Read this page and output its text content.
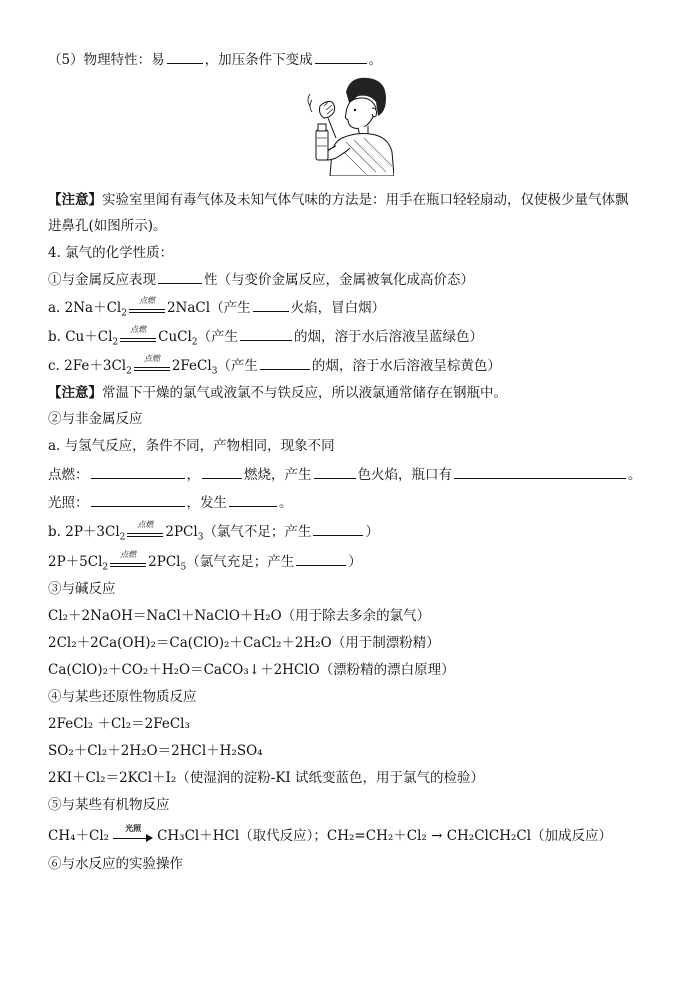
（5）物理特性：易	，加压条件下变成	。
【注意】实验室里闻有毒气体及未知气体气味的方法是：用手在瓶口轻轻扇动，仅使极少量气体飘
进鼻孔(如图所示)。
4. 氯气的化学性质：
①与金属反应表现	性（与变价金属反应，金属被氧化成高价态）
a. $2Na+Cl_2$
点燃 2NaCl（产生	火焰，冒白烟）
b. $Cu+Cl_2$
点燃 CuCl$_2$（产生	的烟，溶于水后溶液呈蓝绿色）
c. $2Fe+3Cl_2$
点燃 2FeCl$_3$（产生	的烟，溶于水后溶液呈棕黄色）
【注意】常温下干燥的氯气或液氯不与铁反应，所以液氯通常储存在钢瓶中。
②与非金属反应
a. 与氢气反应，条件不同，产物相同，现象不同
点燃：	，	燃烧，产生	色火焰，瓶口有	。
光照：	，发生	。
b. $2P+3Cl_2$
点燃 2PCl$_3$（氯气不足；产生	）
$2P+5Cl_2$
点燃 2PCl$_5$（氯气充足；产生	）
③与碱反应
Cl₂＋2NaOH＝NaCl＋NaClO＋H₂O（用于除去多余的氯气）
2Cl₂＋2Ca(OH)₂＝Ca(ClO)₂＋CaCl₂＋2H₂O（用于制漂粉精）
Ca(ClO)₂＋CO₂＋H₂O＝CaCO₃↓＋2HClO（漂粉精的漂白原理）
④与某些还原性物质反应
2FeCl₂ ＋Cl₂＝2FeCl₃
SO₂＋Cl₂＋2H₂O＝2HCl＋H₂SO₄
2KI＋Cl₂＝2KCl＋I₂（使湿润的淀粉-KI 试纸变蓝色，用于氯气的检验）
⑤与某些有机物反应
CH₄＋Cl₂
光照
CH₃Cl＋HCl（取代反应）；CH₂=CH₂＋Cl₂ → CH₂ClCH₂Cl（加成反应）
⑥与水反应的实验操作
